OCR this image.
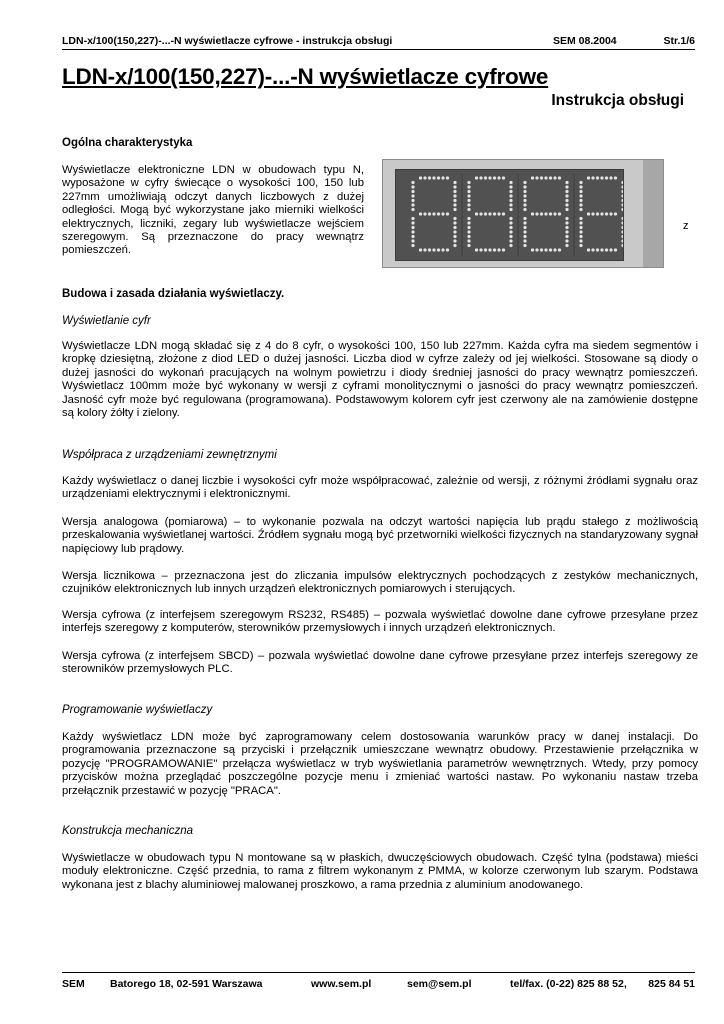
LDN-x/100(150,227)-...-N wyświetlacze cyfrowe - instrukcja obsługi	SEM 08.2004	Str.1/6
LDN-x/100(150,227)-...-N wyświetlacze cyfrowe
Instrukcja obsługi
Ogólna charakterystyka
Wyświetlacze elektroniczne LDN w obudowach typu N, wyposażone w cyfry świecące o wysokości 100, 150 lub 227mm umożliwiają odczyt danych liczbowych z dużej odległości. Mogą być wykorzystane jako mierniki wielkości elektrycznych, liczniki, zegary lub wyświetlacze wejściem szeregowym. Są przeznaczone do pracy wewnątrz pomieszczeń.
z
Budowa i zasada działania wyświetlaczy.
Wyświetlanie cyfr
Wyświetlacze LDN mogą składać się z 4 do 8 cyfr, o wysokości 100, 150 lub 227mm. Każda cyfra ma siedem segmentów i kropkę dziesiętną, złożone z diod LED o dużej jasności. Liczba diod w cyfrze zależy od jej wielkości. Stosowane są diody o dużej jasności do wykonań pracujących na wolnym powietrzu i diody średniej jasności do pracy wewnątrz pomieszczeń. Wyświetlacz 100mm może być wykonany w wersji z cyframi monolitycznymi o jasności do pracy wewnątrz pomieszczeń. Jasność cyfr może być regulowana (programowana). Podstawowym kolorem cyfr jest czerwony ale na zamówienie dostępne są kolory żółty i zielony.
Współpraca z urządzeniami zewnętrznymi
Każdy wyświetlacz o danej liczbie i wysokości cyfr może współpracować, zależnie od wersji, z różnymi źródłami sygnału oraz urządzeniami elektrycznymi i elektronicznymi.
Wersja analogowa (pomiarowa) – to wykonanie pozwala na odczyt wartości napięcia lub prądu stałego z możliwością przeskalowania wyświetlanej wartości. Źródłem sygnału mogą być przetworniki wielkości fizycznych na standaryzowany sygnał napięciowy lub prądowy.
Wersja licznikowa – przeznaczona jest do zliczania impulsów elektrycznych pochodzących z zestyków mechanicznych, czujników elektronicznych lub innych urządzeń elektronicznych pomiarowych i sterujących.
Wersja cyfrowa (z interfejsem szeregowym RS232, RS485) – pozwala wyświetlać dowolne dane cyfrowe przesyłane przez interfejs szeregowy z komputerów, sterowników przemysłowych i innych urządzeń elektronicznych.
Wersja cyfrowa (z interfejsem SBCD) – pozwala wyświetlać dowolne dane cyfrowe przesyłane przez interfejs szeregowy ze sterowników przemysłowych PLC.
Programowanie wyświetlaczy
Każdy wyświetlacz LDN może być zaprogramowany celem dostosowania warunków pracy w danej instalacji. Do programowania przeznaczone są przyciski i przełącznik umieszczane wewnątrz obudowy. Przestawienie przełącznika w pozycję "PROGRAMOWANIE" przełącza wyświetlacz w tryb wyświetlania parametrów wewnętrznych. Wtedy, przy pomocy przycisków można przeglądać poszczególne pozycje menu i zmieniać wartości nastaw. Po wykonaniu nastaw trzeba przełącznik przestawić w pozycję "PRACA".
Konstrukcja mechaniczna
Wyświetlacze w obudowach typu N montowane są w płaskich, dwuczęściowych obudowach. Część tylna (podstawa) mieści moduły elektroniczne. Część przednia, to rama z filtrem wykonanym z PMMA, w kolorze czerwonym lub szarym. Podstawa wykonana jest z blachy aluminiowej malowanej proszkowo, a rama przednia z aluminium anodowanego.
SEM Batorego 18, 02-591 Warszawa	www.sem.pl	sem@sem.pl	tel/fax. (0-22) 825 88 52, 825 84 51
